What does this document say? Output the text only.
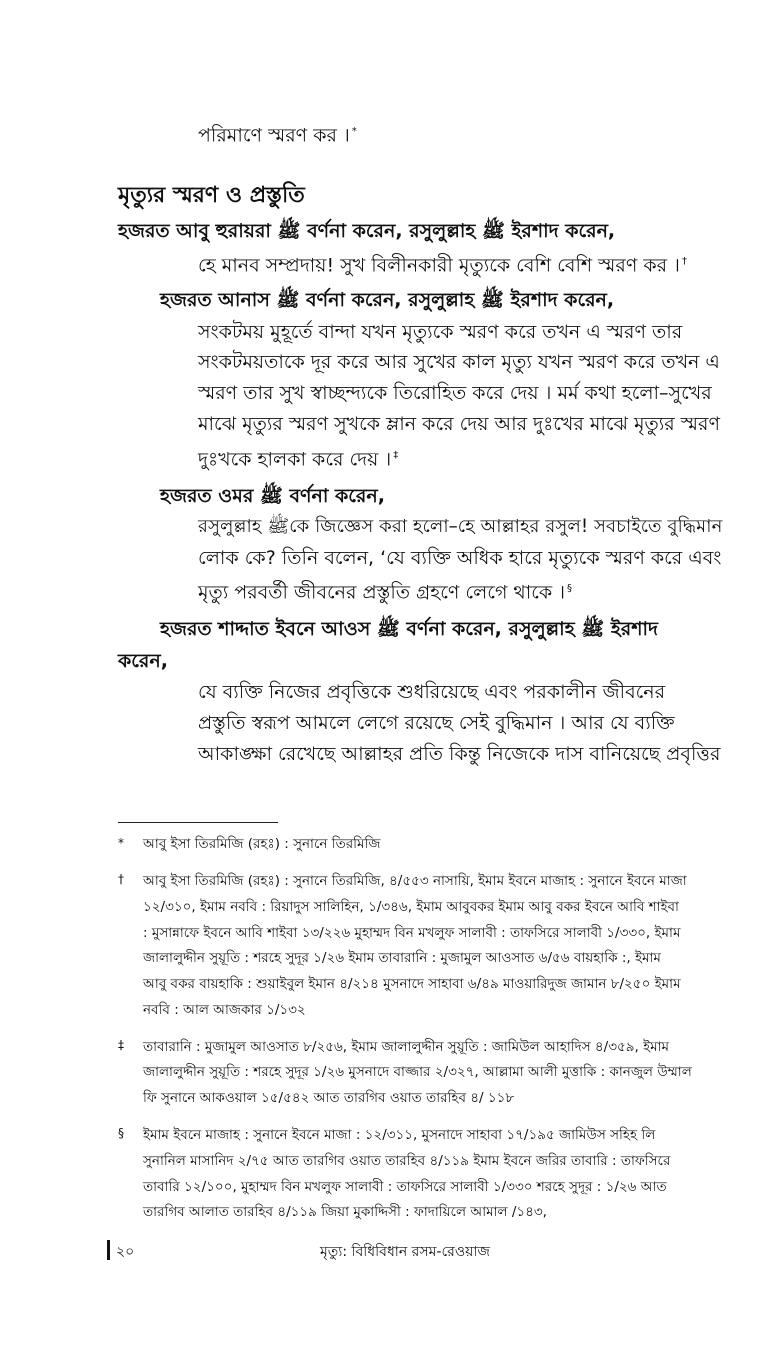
পরিমাণে স্মরণ কর । *
মৃত্যুর স্মরণ ও প্রস্তুতি
হজরত আবু হুরায়রা ﷺ বর্ণনা করেন, রসুলুল্লাহ ﷺ ইরশাদ করেন,
হে মানব সম্প্রদায়! সুখ বিলীনকারী মৃত্যুকে বেশি বেশি স্মরণ কর । †
হজরত আনাস ﷺ বর্ণনা করেন, রসুলুল্লাহ ﷺ ইরশাদ করেন,
সংকটময় মুহূর্তে বান্দা যখন মৃত্যুকে স্মরণ করে তখন এ স্মরণ তার
সংকটময়তাকে দূর করে আর সুখের কাল মৃত্যু যখন স্মরণ করে তখন এ
স্মরণ তার সুখ স্বাচ্ছন্দ্যকে তিরোহিত করে দেয় । মর্ম কথা হলো–সুখের
মাঝে মৃত্যুর স্মরণ সুখকে ম্লান করে দেয় আর দুঃখের মাঝে মৃত্যুর স্মরণ
দুঃখকে হালকা করে দেয় । ‡
হজরত ওমর ﷺ বর্ণনা করেন,
রসুলুল্লাহ ﷺকে জিজ্ঞেস করা হলো–হে আল্লাহর রসুল! সবচাইতে বুদ্ধিমান
লোক কে? তিনি বলেন, ‘যে ব্যক্তি অধিক হারে মৃত্যুকে স্মরণ করে এবং
মৃত্যু পরবর্তী জীবনের প্রস্তুতি গ্রহণে লেগে থাকে । §
হজরত শাদ্দাত ইবনে আওস ﷺ বর্ণনা করেন, রসুলুল্লাহ ﷺ ইরশাদ
করেন,
যে ব্যক্তি নিজের প্রবৃত্তিকে শুধরিয়েছে এবং পরকালীন জীবনের
প্রস্তুতি স্বরূপ আমলে লেগে রয়েছে সেই বুদ্ধিমান । আর যে ব্যক্তি
আকাঙ্ক্ষা রেখেছে আল্লাহর প্রতি কিন্তু নিজেকে দাস বানিয়েছে প্রবৃত্তির
* আবু ইসা তিরমিজি (রহঃ) : সুনানে তিরমিজি
† আবু ইসা তিরমিজি (রহঃ) : সুনানে তিরমিজি, ৪/৫৫৩ নাসায়ি, ইমাম ইবনে মাজাহ : সুনানে ইবনে মাজা
১২/৩১০, ইমাম নববি : রিয়াদুস সালিহিন, ১/৩৪৬, ইমাম আবুবকর ইমাম আবু বকর ইবনে আবি শাইবা
: মুসান্নাফে ইবনে আবি শাইবা ১৩/২২৬ মুহাম্মদ বিন মখলুফ সালাবী : তাফসিরে সালাবী ১/৩৩০, ইমাম
জালালুদ্দীন সুয়ূতি : শরহে সুদূর ১/২৬ ইমাম তাবারানি : মুজামুল আওসাত ৬/৫৬ বায়হাকি :, ইমাম
আবু বকর বায়হাকি : শুয়াইবুল ইমান ৪/২১৪ মুসনাদে সাহাবা ৬/৪৯ মাওয়ারিদুজ জামান ৮/২৫০ ইমাম
নববি : আল আজকার ১/১৩২
‡ তাবারানি : মুজামুল আওসাত ৮/২৫৬, ইমাম জালালুদ্দীন সুয়ূতি : জামিউল আহাদিস ৪/৩৫৯, ইমাম
জালালুদ্দীন সুয়ূতি : শরহে সুদূর ১/২৬ মুসনাদে বাজ্জার ২/৩২৭, আল্লামা আলী মুত্তাকি : কানজুল উম্মাল
ফি সুনানে আকওয়াল ১৫/৫৪২ আত তারগিব ওয়াত তারহিব ৪/ ১১৮
§ ইমাম ইবনে মাজাহ : সুনানে ইবনে মাজা : ১২/৩১১, মুসনাদে সাহাবা ১৭/১৯৫ জামিউস সহিহ লি
সুনানিল মাসানিদ ২/৭৫ আত তারগিব ওয়াত তারহিব ৪/১১৯ ইমাম ইবনে জরির তাবারি : তাফসিরে
তাবারি ১২/১০০, মুহাম্মদ বিন মখলুফ সালাবী : তাফসিরে সালাবী ১/৩৩০ শরহে সুদূর : ১/২৬ আত
তারগিব আলাত তারহিব ৪/১১৯ জিয়া মুকাদ্দিসী : ফাদায়িলে আমাল /১৪৩,
২০	মৃত্যু: বিধিবিধান রসম-রেওয়াজ
